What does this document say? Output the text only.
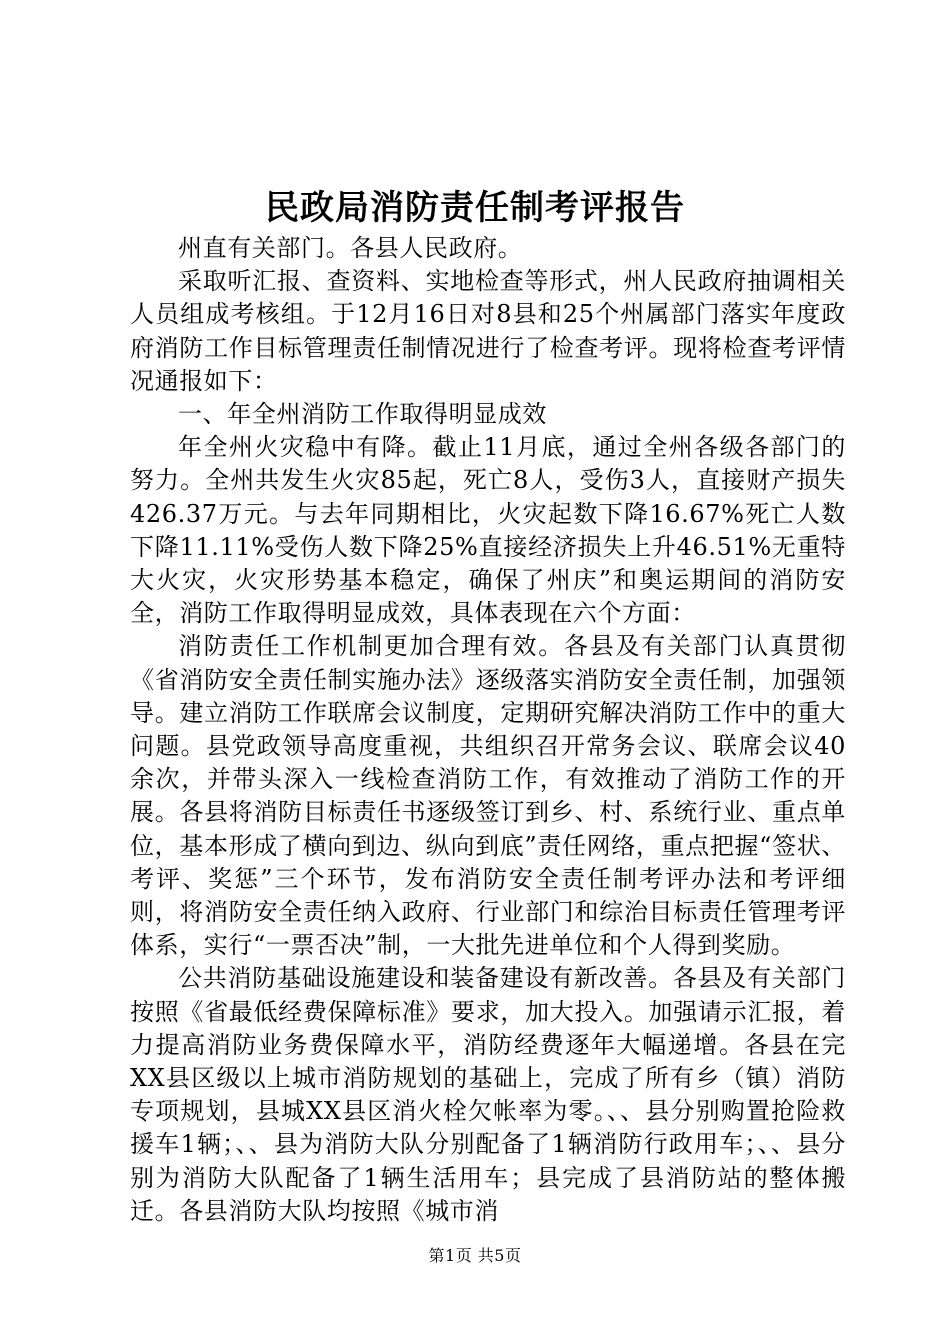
民政局消防责任制考评报告

州直有关部门。各县人民政府。

采取听汇报、查资料、实地检查等形式，州人民政府抽调相关人员组成考核组。于12月16日对8县和25个州属部门落实年度政府消防工作目标管理责任制情况进行了检查考评。现将检查考评情况通报如下：

一、年全州消防工作取得明显成效

年全州火灾稳中有降。截止11月底，通过全州各级各部门的努力。全州共发生火灾85起，死亡8人，受伤3人，直接财产损失426.37万元。与去年同期相比，火灾起数下降16.67%死亡人数下降11.11%受伤人数下降25%直接经济损失上升46.51%无重特大火灾，火灾形势基本稳定，确保了州庆”和奥运期间的消防安全，消防工作取得明显成效，具体表现在六个方面：

消防责任工作机制更加合理有效。各县及有关部门认真贯彻《省消防安全责任制实施办法》逐级落实消防安全责任制，加强领导。建立消防工作联席会议制度，定期研究解决消防工作中的重大问题。县党政领导高度重视，共组织召开常务会议、联席会议40余次，并带头深入一线检查消防工作，有效推动了消防工作的开展。各县将消防目标责任书逐级签订到乡、村、系统行业、重点单位，基本形成了横向到边、纵向到底”责任网络，重点把握“签状、考评、奖惩”三个环节，发布消防安全责任制考评办法和考评细则，将消防安全责任纳入政府、行业部门和综治目标责任管理考评体系，实行“一票否决”制，一大批先进单位和个人得到奖励。

公共消防基础设施建设和装备建设有新改善。各县及有关部门按照《省最低经费保障标准》要求，加大投入。加强请示汇报，着力提高消防业务费保障水平，消防经费逐年大幅递增。各县在完XX县区级以上城市消防规划的基础上，完成了所有乡（镇）消防专项规划，县城XX县区消火栓欠帐率为零。、、县分别购置抢险救援车1辆；、、县为消防大队分别配备了1辆消防行政用车；、、县分别为消防大队配备了1辆生活用车；县完成了县消防站的整体搬迁。各县消防大队均按照《城市消

第1页 共5页
